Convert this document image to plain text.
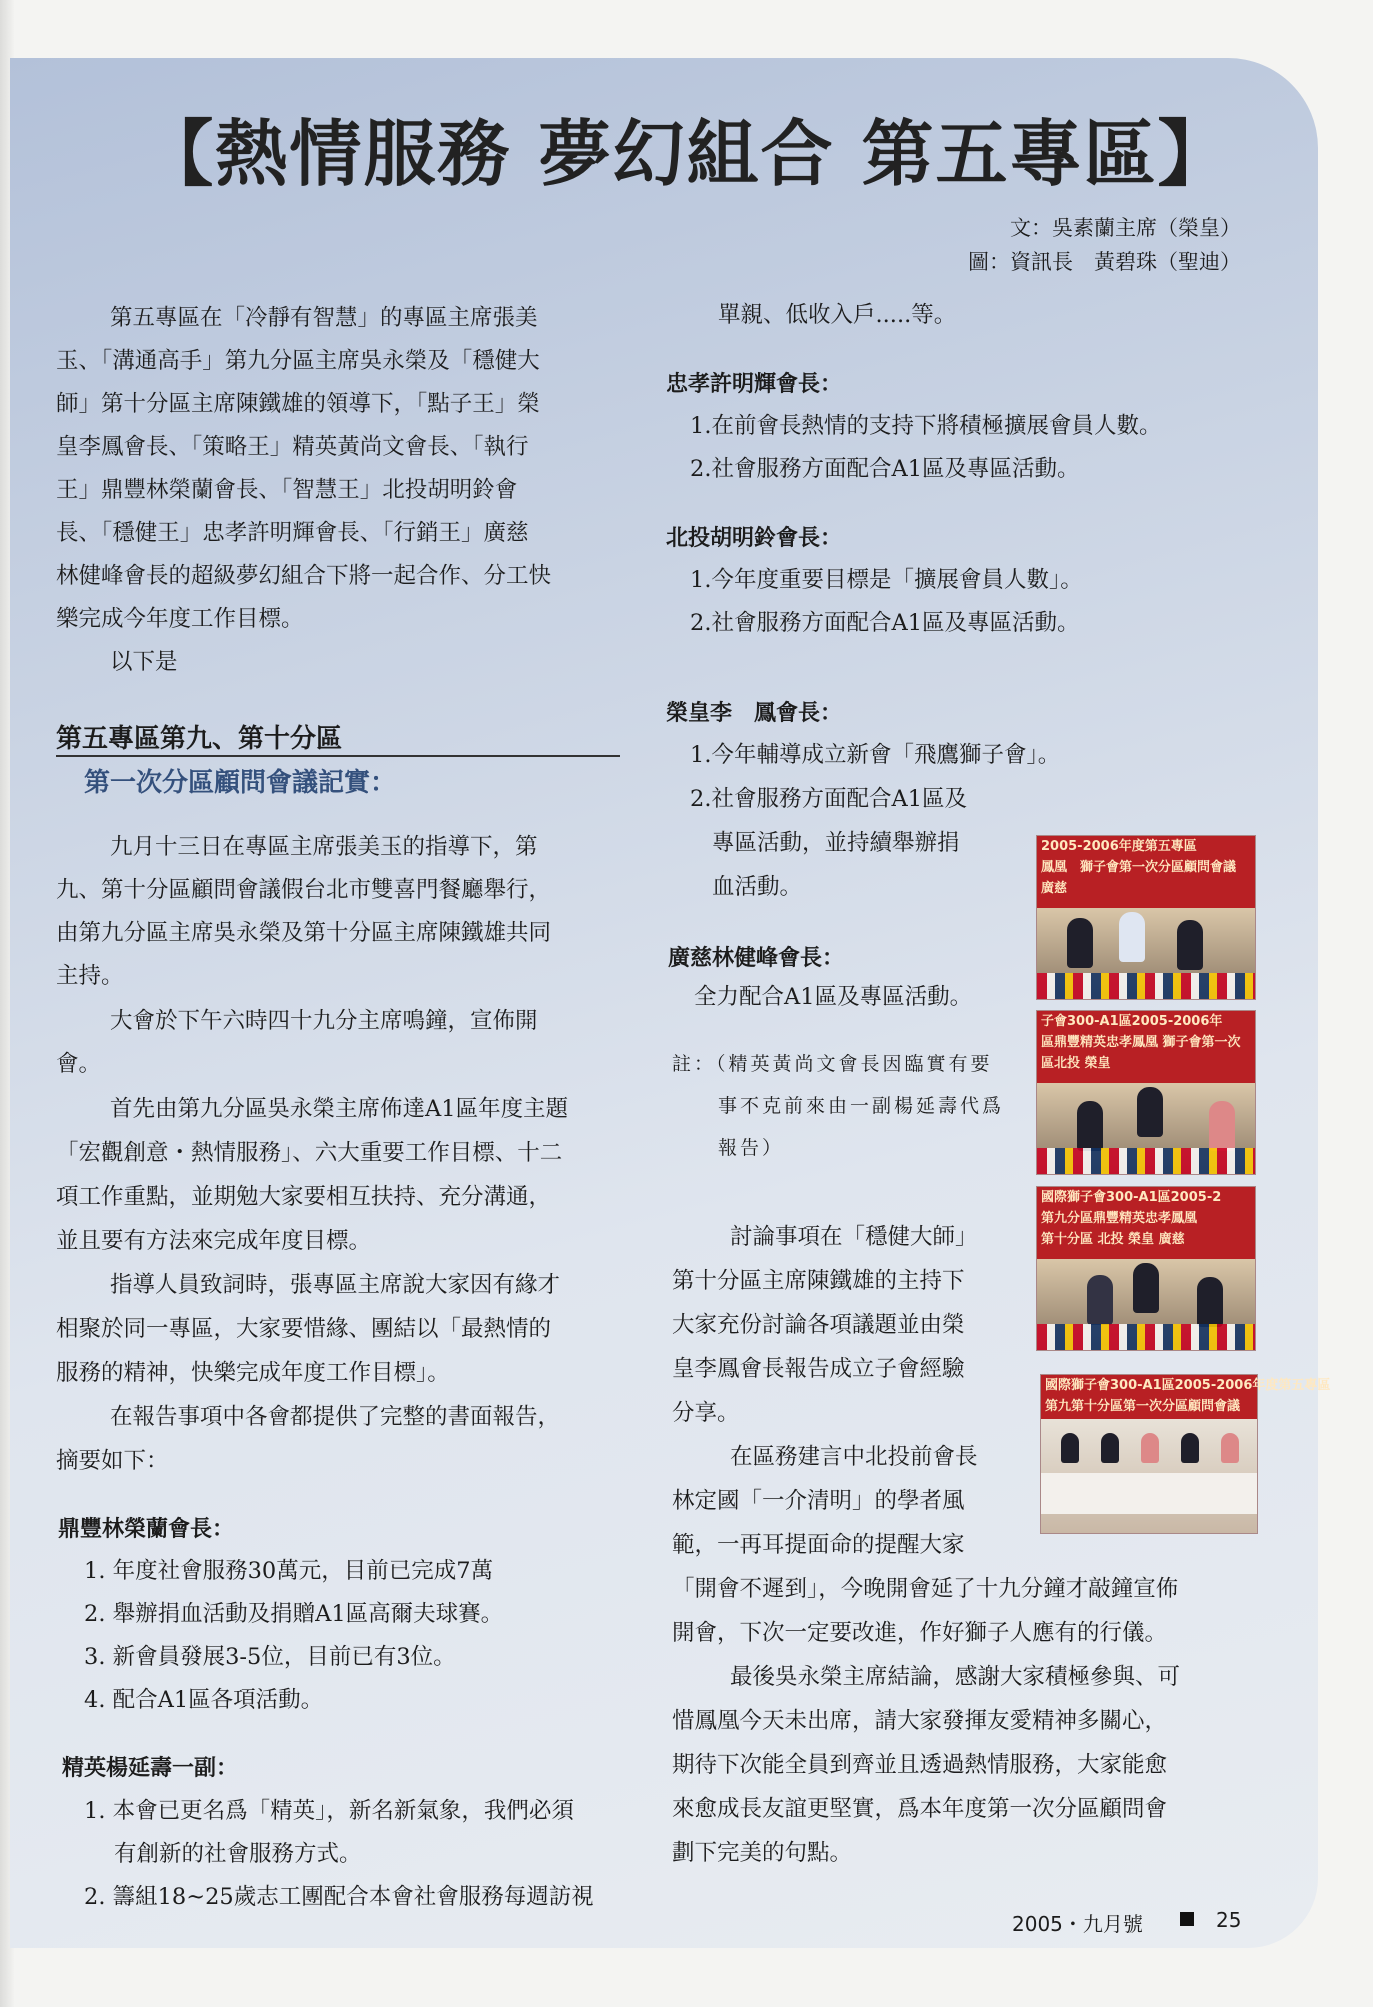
【熱情服務 夢幻組合 第五專區】
文：吳素蘭主席（榮皇）
圖：資訊長　黃碧珠（聖迪）
第五專區在「冷靜有智慧」的專區主席張美
玉、「溝通高手」第九分區主席吳永榮及「穩健大
師」第十分區主席陳鐵雄的領導下，「點子王」榮
皇李鳳會長、「策略王」精英黃尚文會長、「執行
王」鼎豐林榮蘭會長、「智慧王」北投胡明鈴會
長、「穩健王」忠孝許明輝會長、「行銷王」廣慈
林健峰會長的超級夢幻組合下將一起合作、分工快
樂完成今年度工作目標。
以下是
第五專區第九、第十分區
第一次分區顧問會議記實：
九月十三日在專區主席張美玉的指導下，第
九、第十分區顧問會議假台北市雙喜門餐廳舉行，
由第九分區主席吳永榮及第十分區主席陳鐵雄共同
主持。
大會於下午六時四十九分主席鳴鐘，宣佈開
會。
首先由第九分區吳永榮主席佈達A1區年度主題
「宏觀創意・熱情服務」、六大重要工作目標、十二
項工作重點，並期勉大家要相互扶持、充分溝通，
並且要有方法來完成年度目標。
指導人員致詞時，張專區主席說大家因有緣才
相聚於同一專區，大家要惜緣、團結以「最熱情的
服務的精神，快樂完成年度工作目標」。
在報告事項中各會都提供了完整的書面報告，
摘要如下：
鼎豐林榮蘭會長：
1. 年度社會服務30萬元，目前已完成7萬
2. 舉辦捐血活動及捐贈A1區高爾夫球賽。
3. 新會員發展3-5位，目前已有3位。
4. 配合A1區各項活動。
精英楊延壽一副：
1. 本會已更名爲「精英」，新名新氣象，我們必須
有創新的社會服務方式。
2. 籌組18~25歲志工團配合本會社會服務每週訪視
單親、低收入戶.....等。
忠孝許明輝會長：
1.在前會長熱情的支持下將積極擴展會員人數。
2.社會服務方面配合A1區及專區活動。
北投胡明鈴會長：
1.今年度重要目標是「擴展會員人數」。
2.社會服務方面配合A1區及專區活動。
榮皇李　鳳會長：
1.今年輔導成立新會「飛鷹獅子會」。
2.社會服務方面配合A1區及
專區活動，並持續舉辦捐
血活動。
廣慈林健峰會長：
全力配合A1區及專區活動。
註：（精英黃尚文會長因臨實有要
事不克前來由一副楊延壽代爲
報告）
討論事項在「穩健大師」
第十分區主席陳鐵雄的主持下
大家充份討論各項議題並由榮
皇李鳳會長報告成立子會經驗
分享。
在區務建言中北投前會長
林定國「一介清明」的學者風
範，一再耳提面命的提醒大家
「開會不遲到」，今晚開會延了十九分鐘才敲鐘宣佈
開會，下次一定要改進，作好獅子人應有的行儀。
最後吳永榮主席結論，感謝大家積極參與、可
惜鳳凰今天未出席，請大家發揮友愛精神多關心，
期待下次能全員到齊並且透過熱情服務，大家能愈
來愈成長友誼更堅實，爲本年度第一次分區顧問會
劃下完美的句點。
2005-2006年度第五專區
鳳凰　獅子會第一次分區顧問會議
廣慈
子會300-A1區2005-2006年
區鼎豐精英忠孝鳳凰 獅子會第一次
區北投 榮皇
國際獅子會300-A1區2005-2
第九分區鼎豐精英忠孝鳳凰
第十分區 北投 榮皇 廣慈
國際獅子會300-A1區2005-2006年度第五專區
第九第十分區第一次分區顧問會議
2005・九月號	25
